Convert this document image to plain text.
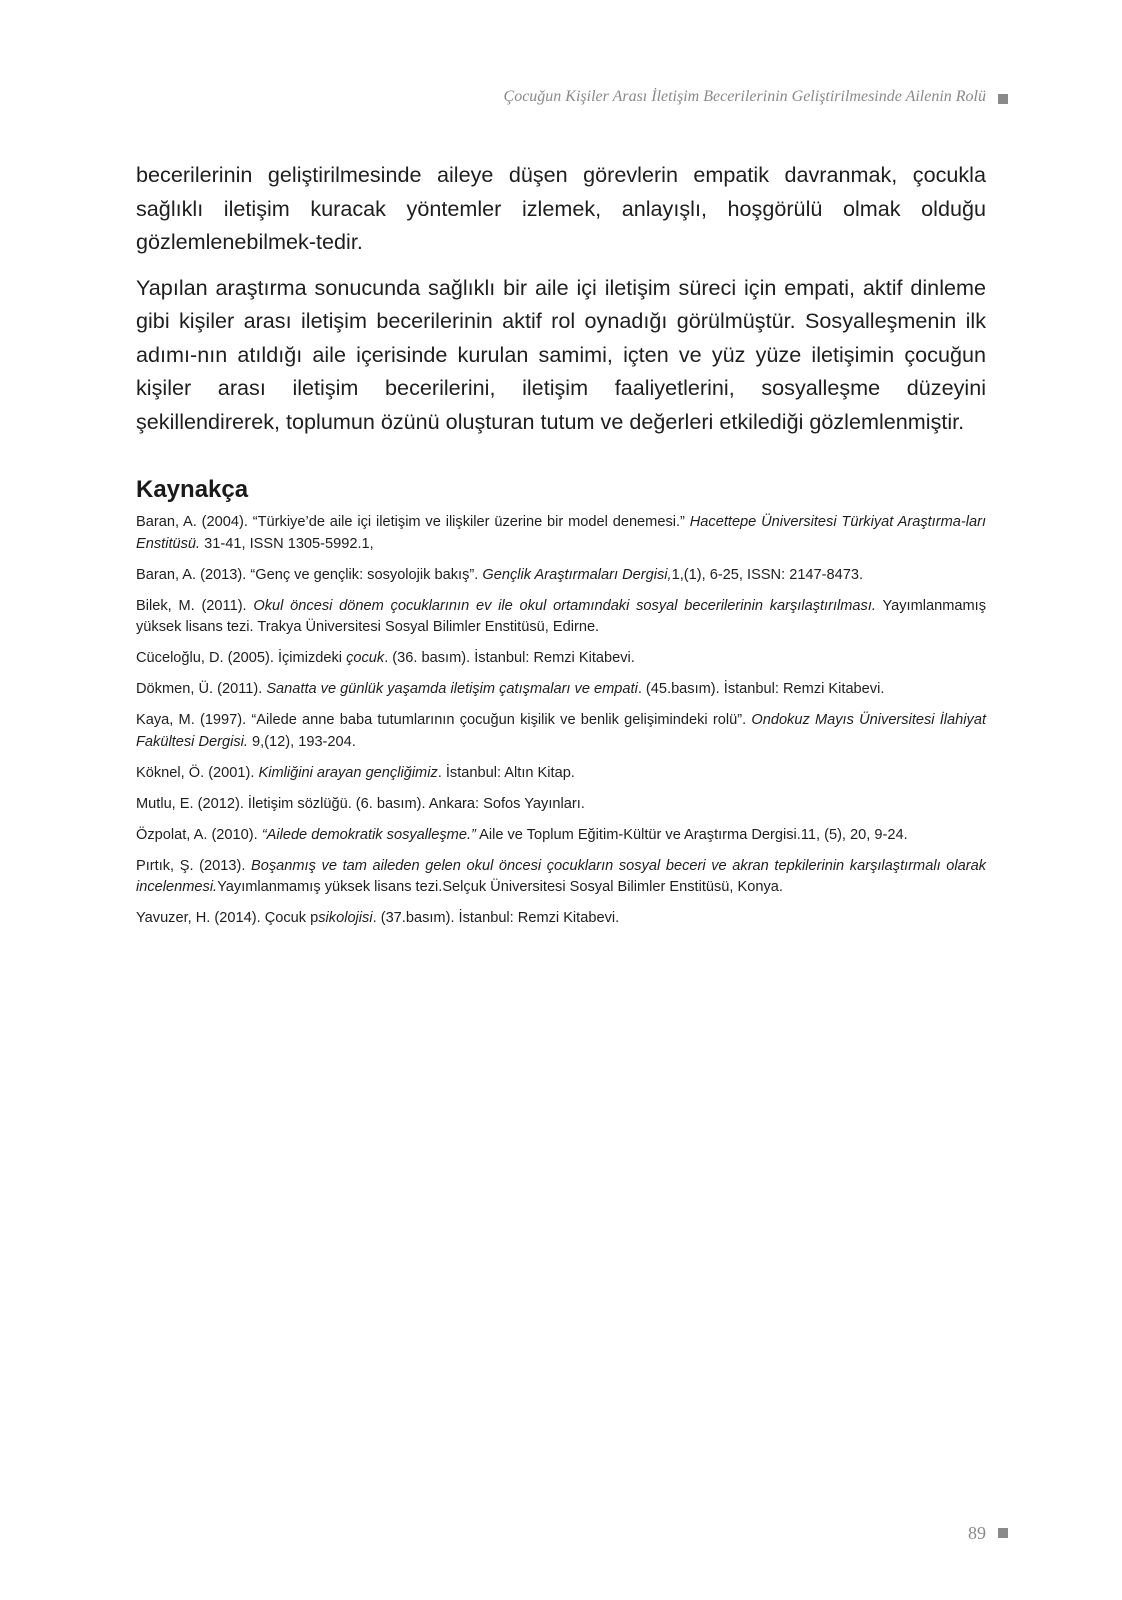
Çocuğun Kişiler Arası İletişim Becerilerinin Geliştirilmesinde Ailenin Rolü

becerilerinin geliştirilmesinde aileye düşen görevlerin empatik davranmak, çocukla sağlıklı iletişim kuracak yöntemler izlemek, anlayışlı, hoşgörülü olmak olduğu gözlemlenebilmek-tedir.

Yapılan araştırma sonucunda sağlıklı bir aile içi iletişim süreci için empati, aktif dinleme gibi kişiler arası iletişim becerilerinin aktif rol oynadığı görülmüştür. Sosyalleşmenin ilk adımı-nın atıldığı aile içerisinde kurulan samimi, içten ve yüz yüze iletişimin çocuğun kişiler arası iletişim becerilerini, iletişim faaliyetlerini, sosyalleşme düzeyini şekillendirerek, toplumun özünü oluşturan tutum ve değerleri etkilediği gözlemlenmiştir.

Kaynakça

Baran, A. (2004). “Türkiye’de aile içi iletişim ve ilişkiler üzerine bir model denemesi.” Hacettepe Üniversitesi Türkiyat Araştırma-ları Enstitüsü. 31-41, ISSN 1305-5992.1,

Baran, A. (2013). “Genç ve gençlik: sosyolojik bakış”. Gençlik Araştırmaları Dergisi,1,(1), 6-25, ISSN: 2147-8473.

Bilek, M. (2011). Okul öncesi dönem çocuklarının ev ile okul ortamındaki sosyal becerilerinin karşılaştırılması. Yayımlanmamış yüksek lisans tezi. Trakya Üniversitesi Sosyal Bilimler Enstitüsü, Edirne.

Cüceloğlu, D. (2005). İçimizdeki çocuk. (36. basım). İstanbul: Remzi Kitabevi.

Dökmen, Ü. (2011). Sanatta ve günlük yaşamda iletişim çatışmaları ve empati. (45.basım). İstanbul: Remzi Kitabevi.

Kaya, M. (1997). “Ailede anne baba tutumlarının çocuğun kişilik ve benlik gelişimindeki rolü”. Ondokuz Mayıs Üniversitesi İlahiyat Fakültesi Dergisi. 9,(12), 193-204.

Köknel, Ö. (2001). Kimliğini arayan gençliğimiz. İstanbul: Altın Kitap.

Mutlu, E. (2012). İletişim sözlüğü. (6. basım). Ankara: Sofos Yayınları.

Özpolat, A. (2010). “Ailede demokratik sosyalleşme.” Aile ve Toplum Eğitim-Kültür ve Araştırma Dergisi.11, (5), 20, 9-24.

Pırtık, Ş. (2013). Boşanmış ve tam aileden gelen okul öncesi çocukların sosyal beceri ve akran tepkilerinin karşılaştırmalı olarak incelenmesi.Yayımlanmamış yüksek lisans tezi.Selçuk Üniversitesi Sosyal Bilimler Enstitüsü, Konya.

Yavuzer, H. (2014). Çocuk psikolojisi. (37.basım). İstanbul: Remzi Kitabevi.

89
